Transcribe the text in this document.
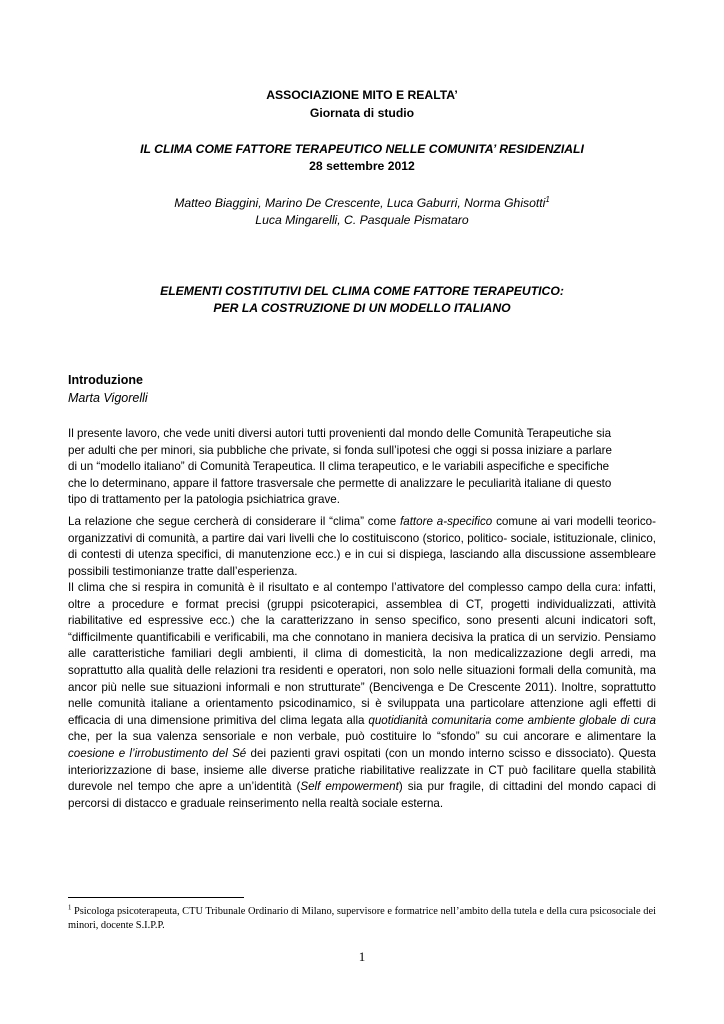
ASSOCIAZIONE MITO E REALTA’
Giornata di studio
IL CLIMA COME FATTORE TERAPEUTICO NELLE COMUNITA’ RESIDENZIALI
28 settembre 2012
Matteo Biaggini, Marino De Crescente, Luca Gaburri, Norma Ghisotti$^1$
Luca Mingarelli, C. Pasquale Pismataro
ELEMENTI COSTITUTIVI DEL CLIMA COME FATTORE TERAPEUTICO:
PER LA COSTRUZIONE DI UN MODELLO ITALIANO
Introduzione
Marta Vigorelli
Il presente lavoro, che vede uniti diversi autori tutti provenienti dal mondo delle Comunità Terapeutiche sia
per adulti che per minori, sia pubbliche che private, si fonda sull’ipotesi che oggi si possa iniziare a parlare
di un “modello italiano” di Comunità Terapeutica. Il clima terapeutico, e le variabili aspecifiche e specifiche
che lo determinano, appare il fattore trasversale che permette di analizzare le peculiarità italiane di questo
tipo di trattamento per la patologia psichiatrica grave.
La relazione che segue cercherà di considerare il “clima” come fattore a-specifico comune ai vari modelli teorico-organizzativi di comunità, a partire dai vari livelli che lo costituiscono (storico, politico- sociale, istituzionale, clinico, di contesti di utenza specifici, di manutenzione ecc.) e in cui si dispiega, lasciando alla discussione assembleare possibili testimonianze tratte dall’esperienza.
Il clima che si respira in comunità è il risultato e al contempo l’attivatore del complesso campo della cura: infatti, oltre a procedure e format precisi (gruppi psicoterapici, assemblea di CT, progetti individualizzati, attività riabilitative ed espressive ecc.) che la caratterizzano in senso specifico, sono presenti alcuni indicatori soft, “difficilmente quantificabili e verificabili, ma che connotano in maniera decisiva la pratica di un servizio. Pensiamo alle caratteristiche familiari degli ambienti, il clima di domesticità, la non medicalizzazione degli arredi, ma soprattutto alla qualità delle relazioni tra residenti e operatori, non solo nelle situazioni formali della comunità, ma ancor più nelle sue situazioni informali e non strutturate” (Bencivenga e De Crescente 2011). Inoltre, soprattutto nelle comunità italiane a orientamento psicodinamico, si è sviluppata una particolare attenzione agli effetti di efficacia di una dimensione primitiva del clima legata alla quotidianità comunitaria come ambiente globale di cura che, per la sua valenza sensoriale e non verbale, può costituire lo “sfondo” su cui ancorare e alimentare la coesione e l’irrobustimento del Sé dei pazienti gravi ospitati (con un mondo interno scisso e dissociato). Questa interiorizzazione di base, insieme alle diverse pratiche riabilitative realizzate in CT può facilitare quella stabilità durevole nel tempo che apre a un’identità (Self empowerment) sia pur fragile, di cittadini del mondo capaci di percorsi di distacco e graduale reinserimento nella realtà sociale esterna.
$^1$ Psicologa psicoterapeuta, CTU Tribunale Ordinario di Milano, supervisore e formatrice nell’ambito della tutela e della cura psicosociale dei minori, docente S.I.P.P.
1
